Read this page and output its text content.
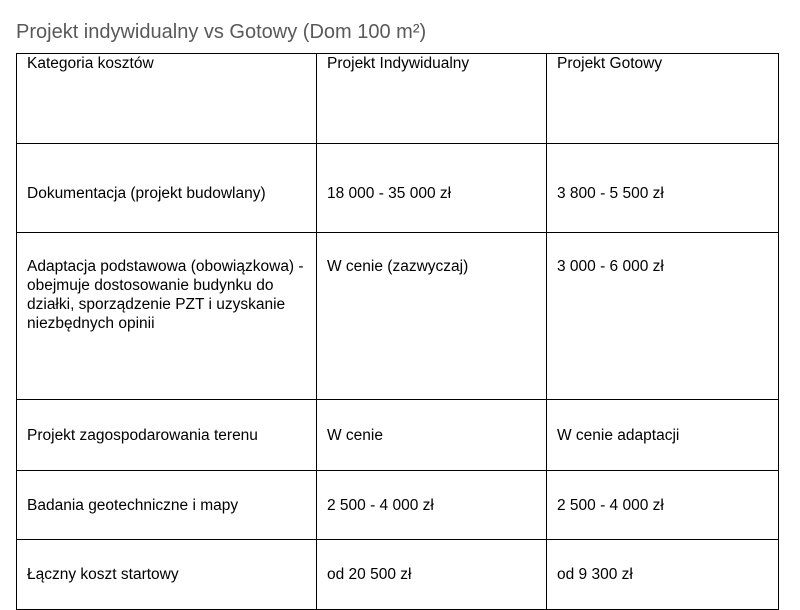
Projekt indywidualny vs Gotowy (Dom 100 m²)
Kategoria kosztów	Projekt Indywidualny	Projekt Gotowy
Dokumentacja (projekt budowlany)	18 000 - 35 000 zł	3 800 - 5 500 zł
Adaptacja podstawowa (obowiązkowa) - obejmuje dostosowanie budynku do działki, sporządzenie PZT i uzyskanie niezbędnych opinii	W cenie (zazwyczaj)	3 000 - 6 000 zł
Projekt zagospodarowania terenu	W cenie	W cenie adaptacji
Badania geotechniczne i mapy	2 500 - 4 000 zł	2 500 - 4 000 zł
Łączny koszt startowy	od 20 500 zł	od 9 300 zł
